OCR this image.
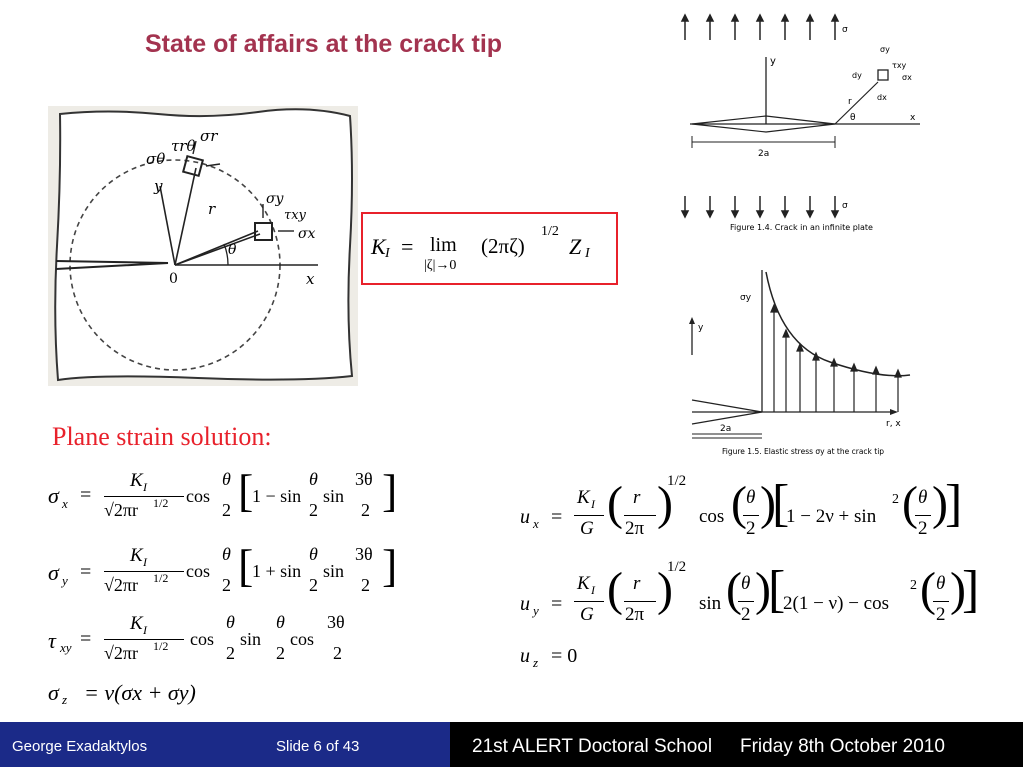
State of affairs at the crack tip
τrθ
σr
σθ
y
r
σy
τxy
σx
θ
0	x
σ
y
σy
dy
τxy
σx
dx
r
θ	x
2a
σ
Figure 1.4. Crack in an infinite plate
σy
y
r, x
2a
Figure 1.5. Elastic stress σy at the crack tip
K I = lim
|ζ|→0
(2πζ)
1/2
Z I
Plane strain solution:
σ x =
K I
√2πr 1/2 cos
θ
2 [
1 − sin
θ
2
sin
3θ
2 ]
σ y =
K I
√2πr 1/2 cos
θ
2 [
1 + sin
θ
2
sin
3θ
2 ]
τ xy =
K I
√2πr 1/2 cos
θ
2
sin
θ
2
cos
3θ
2
σ z = ν(σx + σy)
u x =
K I
G ( r
2π )
1/2
cos ( θ
2 )
[
1 − 2ν + sin
2 ( θ
2 )
]
u y =
K I
G ( r
2π )
1/2
sin ( θ
2 )
[
2(1 − ν) − cos
2 ( θ
2 )
]
u z = 0
George Exadaktylos	Slide 6 of 43	21st ALERT Doctoral School Friday 8th October 2010
